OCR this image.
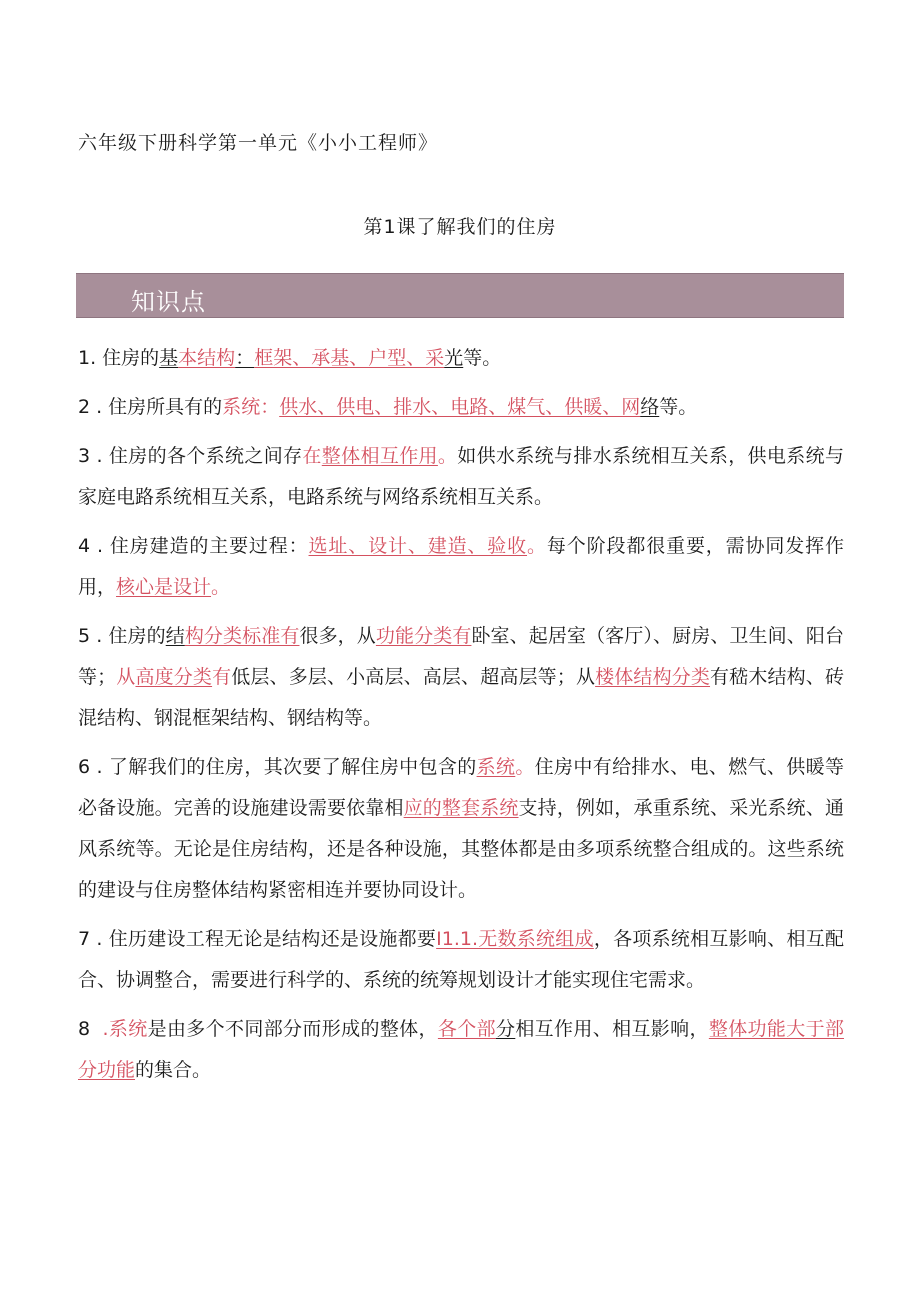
六年级下册科学第一单元《小小工程师》
第1课了解我们的住房
知识点

1. 住房的基本结构：框架、承基、户型、采光等。

2 . 住房所具有的系统：供水、供电、排水、电路、煤气、供暖、网络等。

3 . 住房的各个系统之间存在整体相互作用。如供水系统与排水系统相互关系，供电系统与家庭电路系统相互关系，电路系统与网络系统相互关系。

4 . 住房建造的主要过程：选址、设计、建造、验收。每个阶段都很重要，需协同发挥作用，核心是设计。

5 . 住房的结构分类标准有很多，从功能分类有卧室、起居室（客厅）、厨房、卫生间、阳台等；从高度分类有低层、多层、小高层、高层、超高层等；从楼体结构分类有嵇木结构、砖混结构、钢混框架结构、钢结构等。

6 . 了解我们的住房，其次要了解住房中包含的系统。住房中有给排水、电、燃气、供暖等必备设施。完善的设施建设需要依靠相应的整套系统支持，例如，承重系统、采光系统、通风系统等。无论是住房结构，还是各种设施，其整体都是由多项系统整合组成的。这些系统的建设与住房整体结构紧密相连并要协同设计。

7 . 住历建设工程无论是结构还是设施都要I1.1.无数系统组成，各项系统相互影响、相互配合、协调整合，需要进行科学的、系统的统筹规划设计才能实现住宅需求。

8 .系统是由多个不同部分而形成的整体，各个部分相互作用、相互影响，整体功能大于部分功能的集合。
